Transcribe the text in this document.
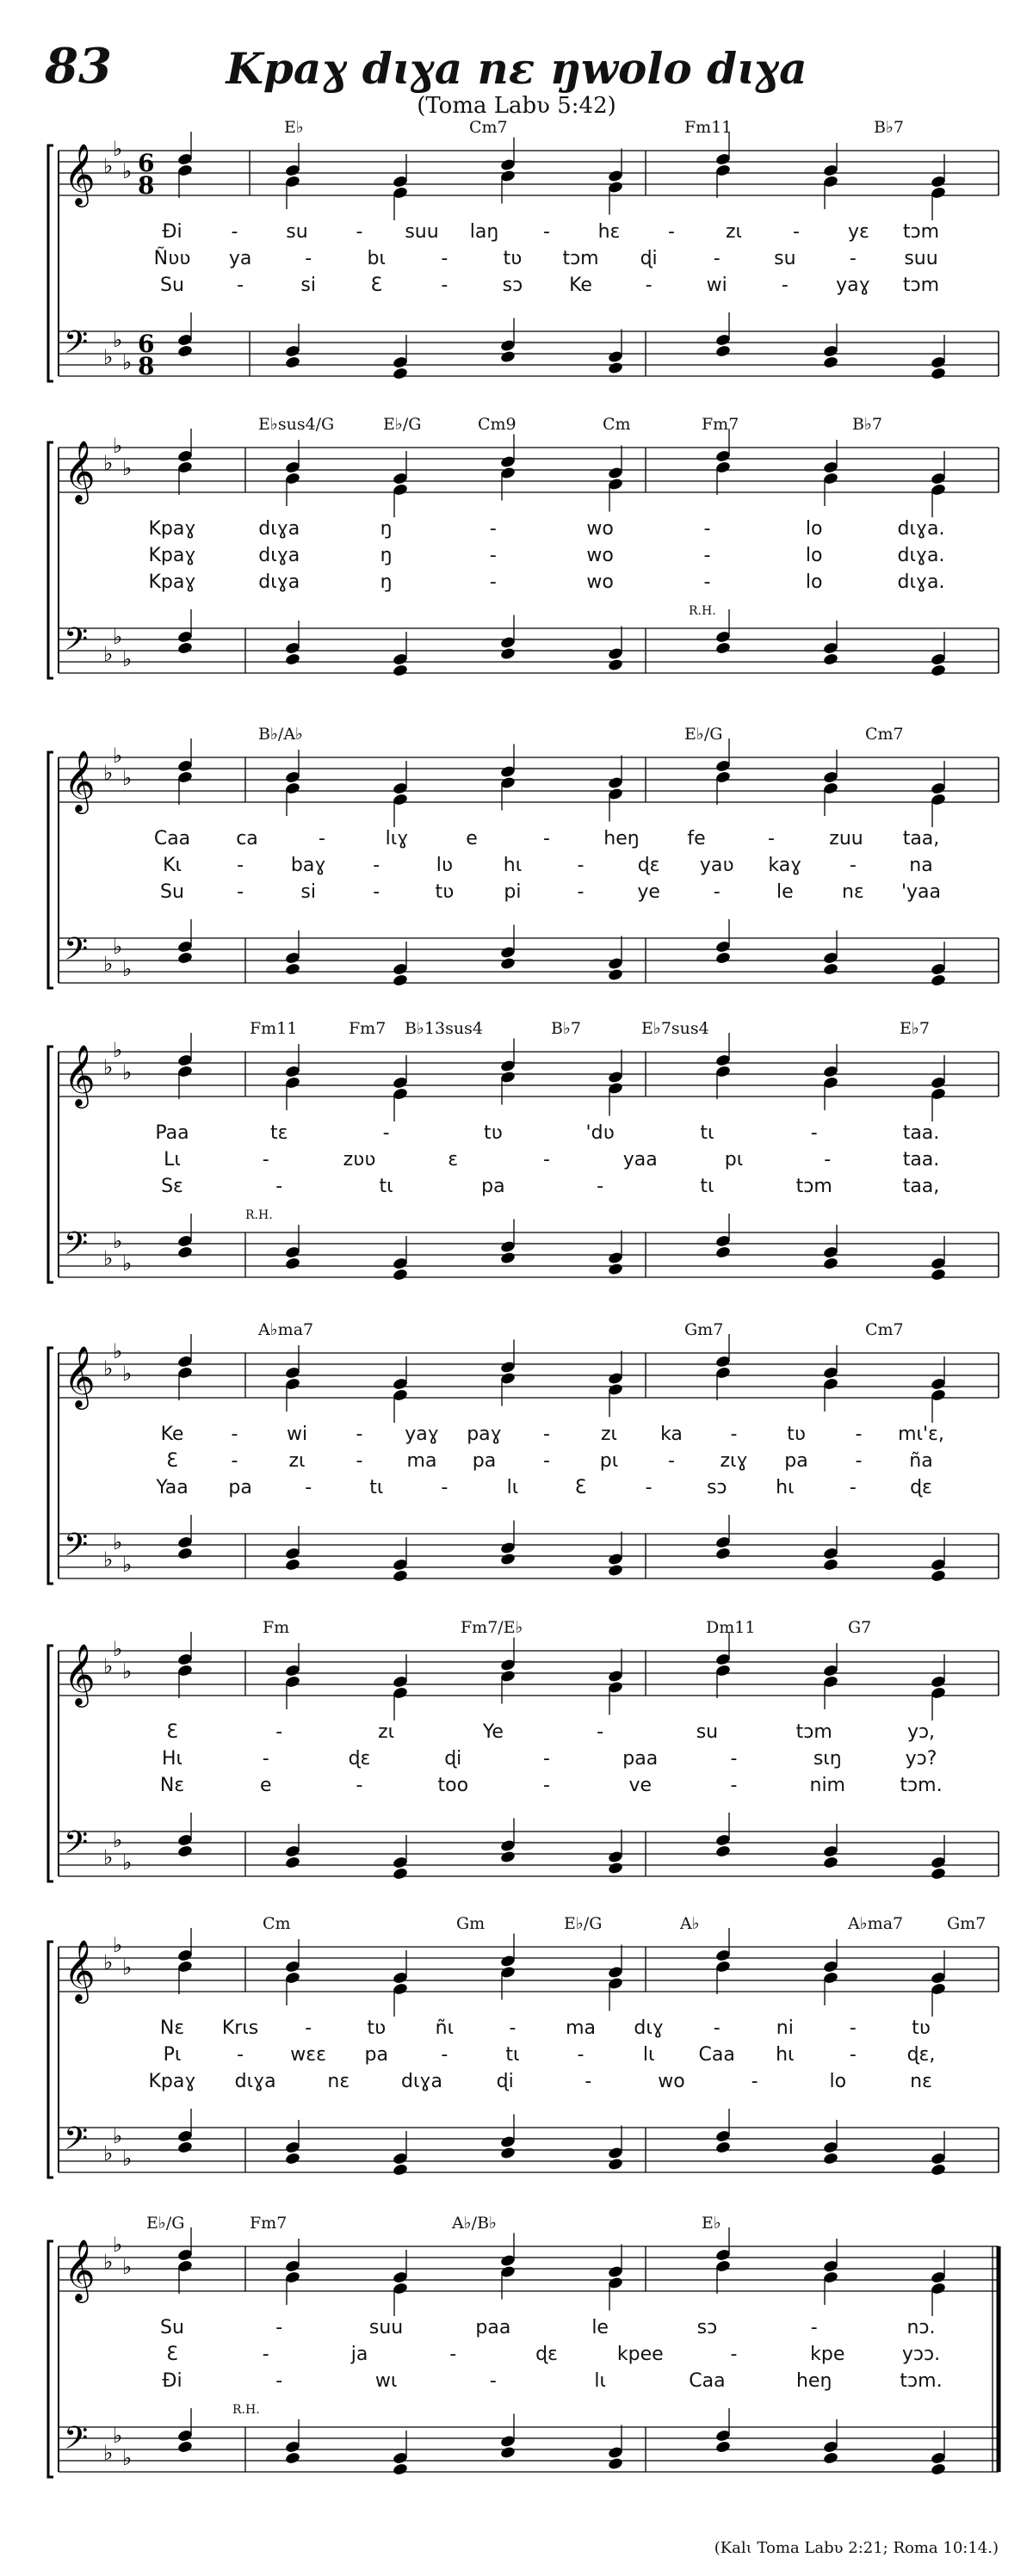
83	Kpaɣ dɩɣa nɛ ŋwolo dɩɣa
(Toma Labʋ 5:42)
𝄞 ♭
♭
♭ 6
8
𝄢 ♭
♭
♭
6
8
E♭	Cm7	Fm11	B♭7
Ɖi	-	su	- suu laŋ -	hɛ	-	zɩ	-	yɛ tɔm
Ñʋʋ ya	-	bɩ	-	tʋ tɔm ɖi	-	su	-	suu
Su	-	si	Ɛ	-	sɔ Ke	-	wi	-	yaɣ tɔm
𝄞 ♭
♭
♭
𝄢 ♭
♭
♭
E♭sus4/G	E♭/G	Cm9	Cm	Fm7	B♭7
R.H.
Kpaɣ	dɩɣa	ŋ	-	wo	-	lo	dɩɣa.
Kpaɣ	dɩɣa	ŋ	-	wo	-	lo	dɩɣa.
Kpaɣ	dɩɣa	ŋ	-	wo	-	lo	dɩɣa.
𝄞 ♭
♭
♭
𝄢 ♭
♭
♭
B♭/A♭	E♭/G	Cm7
Caa ca	-	lɩɣ	e	-	heŋ	fe	-	zuu taa,
Kɩ	- baɣ -	lʋ	hɩ	-	ɖɛ yaʋ kaɣ	-	na
Su	-	si	-	tʋ	pi	-	ye	-	le	nɛ 'yaa
𝄞 ♭
♭
♭
𝄢 ♭
♭
♭
Fm11	Fm7 B♭13sus4	B♭7	E♭7sus4	E♭7
R.H.
Paa	tɛ	-	tʋ	'dʋ	tɩ	-	taa.
Lɩ	-	zʋʋ	ɛ	-	yaa	pɩ	-	taa.
Sɛ	-	tɩ	pa	-	tɩ	tɔm	taa,
𝄞 ♭
♭
♭
𝄢 ♭
♭
♭
A♭ma7	Gm7	Cm7
Ke	-	wi	- yaɣ paɣ -	zɩ ka	-	tʋ	- mɩ'ɛ,
Ɛ	-	zɩ	- ma pa -	pɩ	- zɩɣ pa - ña
Yaa pa	-	tɩ	-	lɩ	Ɛ	-	sɔ	hɩ	-	ɖɛ
𝄞 ♭
♭
♭
𝄢 ♭
♭
♭
Fm	Fm7/E♭	Dm11	G7
Ɛ	-	zɩ	Ye	-	su	tɔm	yɔ,
Hɩ	-	ɖɛ	ɖi	-	paa	-	sɩŋ	yɔ?
Nɛ	e	-	too	-	ve	-	nim	tɔm.
𝄞 ♭
♭
♭
𝄢 ♭
♭
♭
Cm	Gm	E♭/G	A♭	A♭ma7	Gm7
Nɛ Krɩs -	tʋ	ñɩ	-	ma dɩɣ	-	ni	-	tʋ
Pɩ	- wɛɛ pa	-	tɩ	-	lɩ Caa hɩ	-	ɖɛ,
Kpaɣ dɩɣa	nɛ	dɩɣa	ɖi	-	wo	-	lo	nɛ
𝄞 ♭
♭
♭
𝄢 ♭
♭
♭
E♭/G	Fm7	A♭/B♭	E♭
R.H.
Su	-	suu	paa	le	sɔ	-	nɔ.
Ɛ	-	ja	-	ɖɛ	kpee	-	kpe	yɔɔ.
Ɖi	-	wɩ	-	lɩ	Caa	heŋ	tɔm.
(Kalɩ Toma Labʋ 2:21; Roma 10:14.)
